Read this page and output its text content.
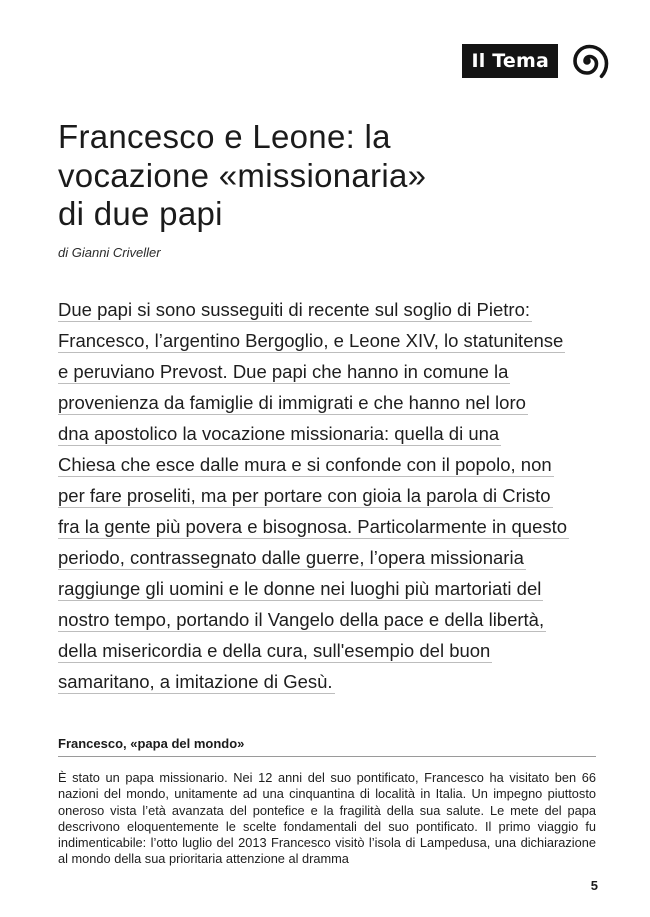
Il Tema
Francesco e Leone: la
vocazione «missionaria»
di due papi

di Gianni Criveller

Due papi si sono susseguiti di recente sul soglio di Pietro:
Francesco, l’argentino Bergoglio, e Leone XIV, lo statunitense
e peruviano Prevost. Due papi che hanno in comune la
provenienza da famiglie di immigrati e che hanno nel loro
dna apostolico la vocazione missionaria: quella di una
Chiesa che esce dalle mura e si confonde con il popolo, non
per fare proseliti, ma per portare con gioia la parola di Cristo
fra la gente più povera e bisognosa. Particolarmente in questo
periodo, contrassegnato dalle guerre, l’opera missionaria
raggiunge gli uomini e le donne nei luoghi più martoriati del
nostro tempo, portando il Vangelo della pace e della libertà,
della misericordia e della cura, sull'esempio del buon
samaritano, a imitazione di Gesù.
Francesco, «papa del mondo»

È stato un papa missionario. Nei 12 anni del suo pontificato, Francesco ha visitato ben 66 nazioni del mondo, unitamente ad una cinquantina di località in Italia. Un impegno piuttosto oneroso vista l’età avanzata del pontefice e la fragilità della sua salute. Le mete del papa descrivono eloquentemente le scelte fondamentali del suo pontificato. Il primo viaggio fu indimenticabile: l’otto luglio del 2013 Francesco visitò l’isola di Lampedusa, una dichiarazione al mondo della sua prioritaria attenzione al dramma

5
